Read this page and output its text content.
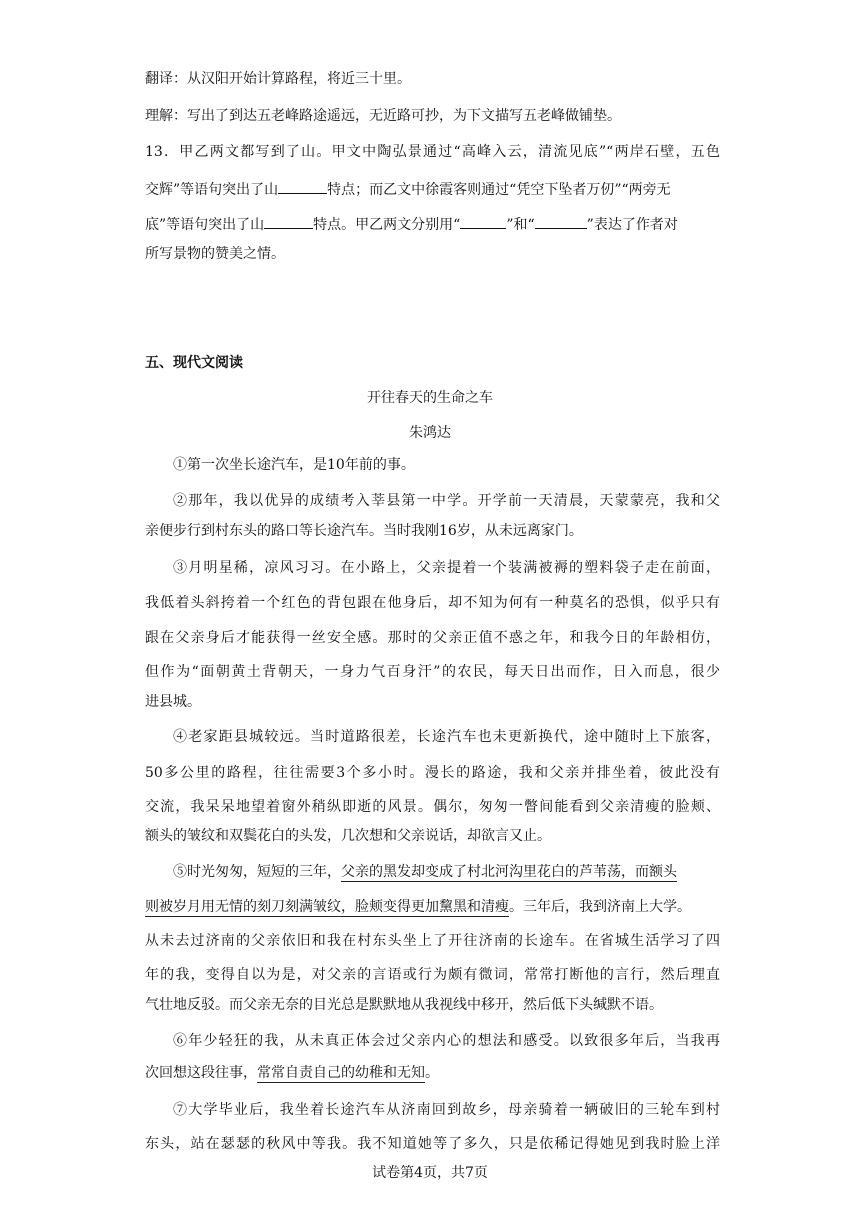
翻译：从汉阳开始计算路程，将近三十里。
理解：写出了到达五老峰路途遥远，无近路可抄，为下文描写五老峰做铺垫。
13．甲乙两文都写到了山。甲文中陶弘景通过“高峰入云，清流见底”“两岸石壁，五色
交辉”等语句突出了山	特点；而乙文中徐霞客则通过“凭空下坠者万仞”“两旁无
底”等语句突出了山	特点。甲乙两文分别用“	”和“	”表达了作者对
所写景物的赞美之情。
五、现代文阅读
开往春天的生命之车
朱鸿达
①第一次坐长途汽车，是10年前的事。
②那年，我以优异的成绩考入莘县第一中学。开学前一天清晨，天蒙蒙亮，我和父
亲便步行到村东头的路口等长途汽车。当时我刚16岁，从未远离家门。
③月明星稀，凉风习习。在小路上，父亲提着一个装满被褥的塑料袋子走在前面，
我低着头斜挎着一个红色的背包跟在他身后，却不知为何有一种莫名的恐惧，似乎只有
跟在父亲身后才能获得一丝安全感。那时的父亲正值不惑之年，和我今日的年龄相仿，
但作为“面朝黄土背朝天，一身力气百身汗”的农民，每天日出而作，日入而息，很少
进县城。
④老家距县城较远。当时道路很差，长途汽车也未更新换代，途中随时上下旅客，
50多公里的路程，往往需要3个多小时。漫长的路途，我和父亲并排坐着，彼此没有
交流，我呆呆地望着窗外稍纵即逝的风景。偶尔，匆匆一瞥间能看到父亲清瘦的脸颊、
额头的皱纹和双鬓花白的头发，几次想和父亲说话，却欲言又止。
⑤时光匆匆，短短的三年，父亲的黑发却变成了村北河沟里花白的芦苇荡，而额头
则被岁月用无情的刻刀刻满皱纹，脸颊变得更加黧黑和清瘦。三年后，我到济南上大学。
从未去过济南的父亲依旧和我在村东头坐上了开往济南的长途车。在省城生活学习了四
年的我，变得自以为是，对父亲的言语或行为颇有微词，常常打断他的言行，然后理直
气壮地反驳。而父亲无奈的目光总是默默地从我视线中移开，然后低下头缄默不语。
⑥年少轻狂的我，从未真正体会过父亲内心的想法和感受。以致很多年后，当我再
次回想这段往事，常常自责自己的幼稚和无知。
⑦大学毕业后，我坐着长途汽车从济南回到故乡，母亲骑着一辆破旧的三轮车到村
东头，站在瑟瑟的秋风中等我。我不知道她等了多久，只是依稀记得她见到我时脸上洋
试卷第4页，共7页
